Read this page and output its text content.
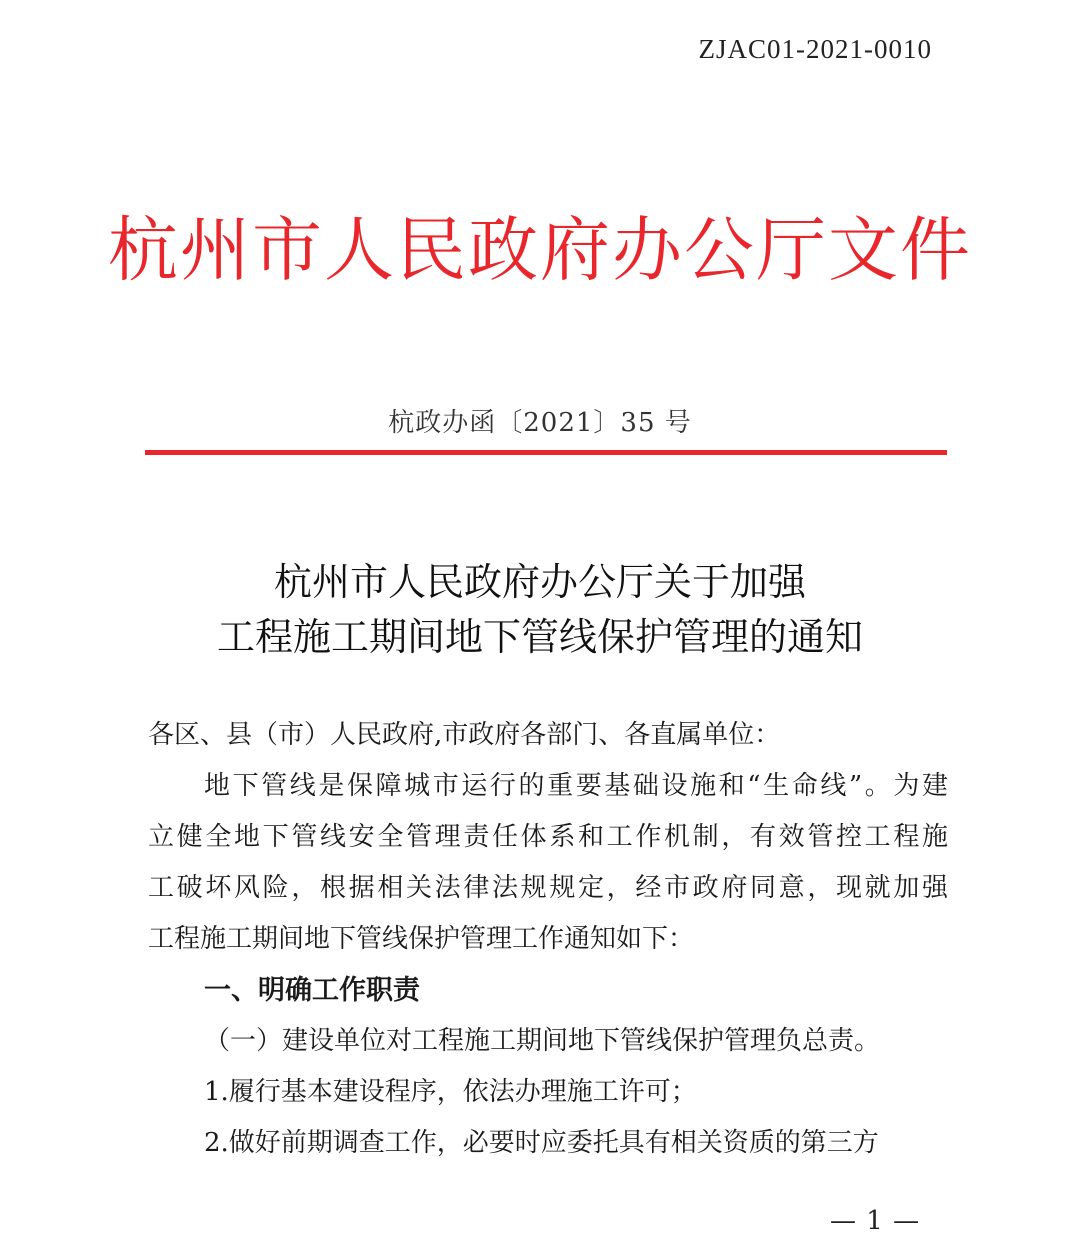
ZJAC01-2021-0010
杭州市人民政府办公厅文件
杭政办函〔2021〕35 号
杭州市人民政府办公厅关于加强
工程施工期间地下管线保护管理的通知
各区、县（市）人民政府,市政府各部门、各直属单位：
地下管线是保障城市运行的重要基础设施和“生命线”。为建
立健全地下管线安全管理责任体系和工作机制，有效管控工程施
工破坏风险，根据相关法律法规规定，经市政府同意，现就加强
工程施工期间地下管线保护管理工作通知如下：
一、明确工作职责
（一）建设单位对工程施工期间地下管线保护管理负总责。
1.履行基本建设程序，依法办理施工许可；
2.做好前期调查工作，必要时应委托具有相关资质的第三方
— 1 —
